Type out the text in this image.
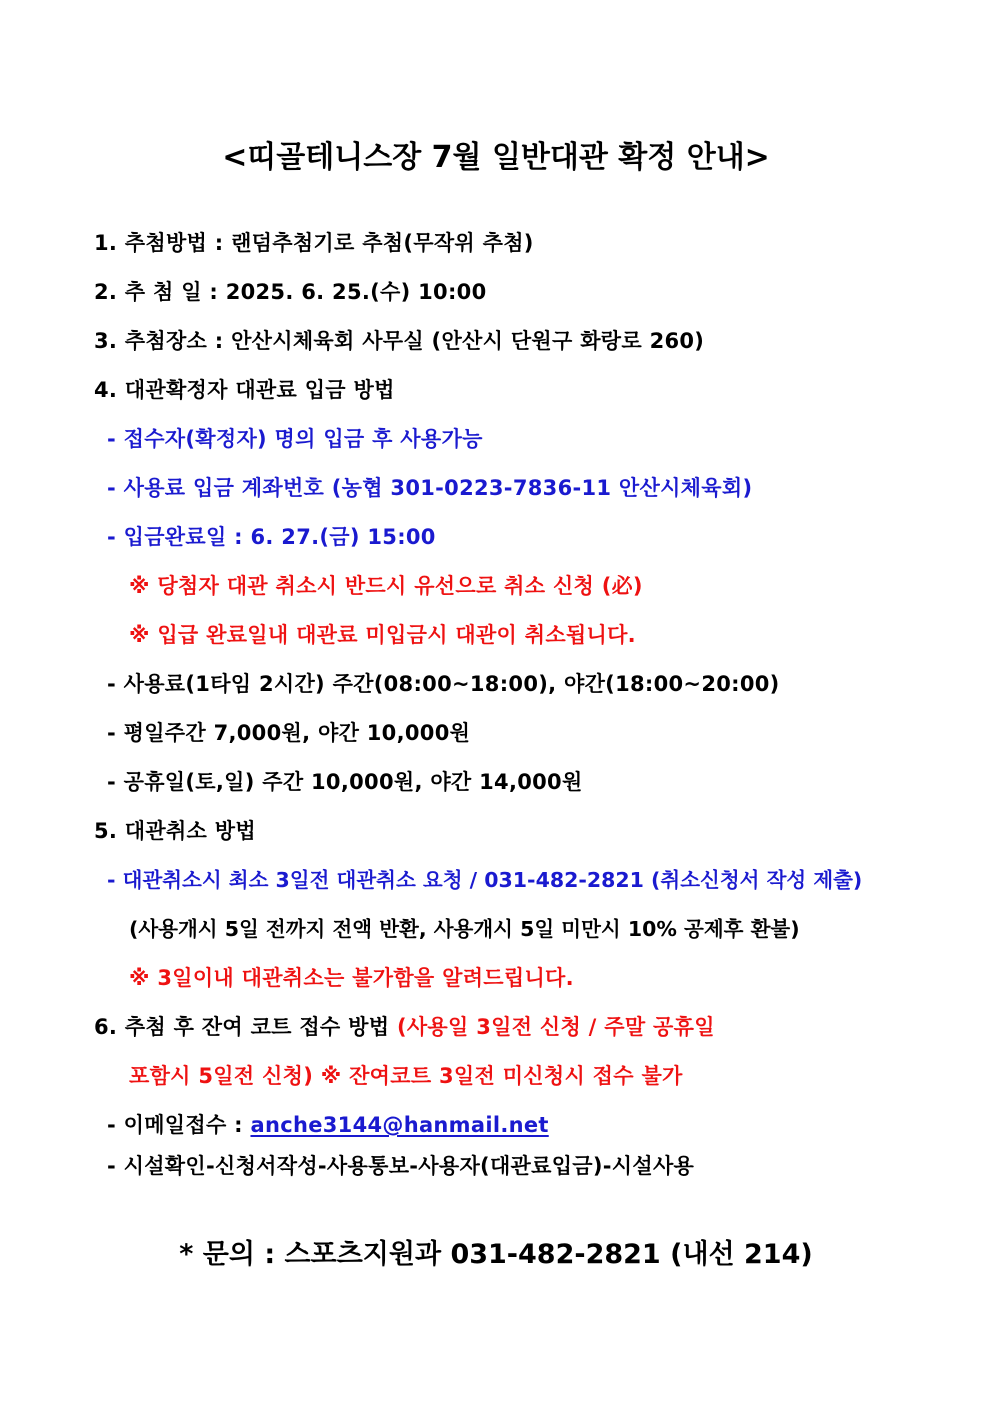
<띠골테니스장 7월 일반대관 확정 안내>
1. 추첨방법 : 랜덤추첨기로 추첨(무작위 추첨)
2. 추 첨 일 : 2025. 6. 25.(수) 10:00
3. 추첨장소 : 안산시체육회 사무실 (안산시 단원구 화랑로 260)
4. 대관확정자 대관료 입금 방법
- 접수자(확정자) 명의 입금 후 사용가능
- 사용료 입금 계좌번호 (농협 301-0223-7836-11 안산시체육회)
- 입금완료일 : 6. 27.(금) 15:00
※ 당첨자 대관 취소시 반드시 유선으로 취소 신청 (必)
※ 입급 완료일내 대관료 미입금시 대관이 취소됩니다.
- 사용료(1타임 2시간) 주간(08:00~18:00), 야간(18:00~20:00)
- 평일주간 7,000원, 야간 10,000원
- 공휴일(토,일) 주간 10,000원, 야간 14,000원
5. 대관취소 방법
- 대관취소시 최소 3일전 대관취소 요청 / 031-482-2821 (취소신청서 작성 제출)
(사용개시 5일 전까지 전액 반환, 사용개시 5일 미만시 10% 공제후 환불)
※ 3일이내 대관취소는 불가함을 알려드립니다.
6. 추첨 후 잔여 코트 접수 방법 (사용일 3일전 신청 / 주말 공휴일
포함시 5일전 신청) ※ 잔여코트 3일전 미신청시 접수 불가
- 이메일접수 : anche3144@hanmail.net
- 시설확인-신청서작성-사용통보-사용자(대관료입금)-시설사용
* 문의 : 스포츠지원과 031-482-2821 (내선 214)
